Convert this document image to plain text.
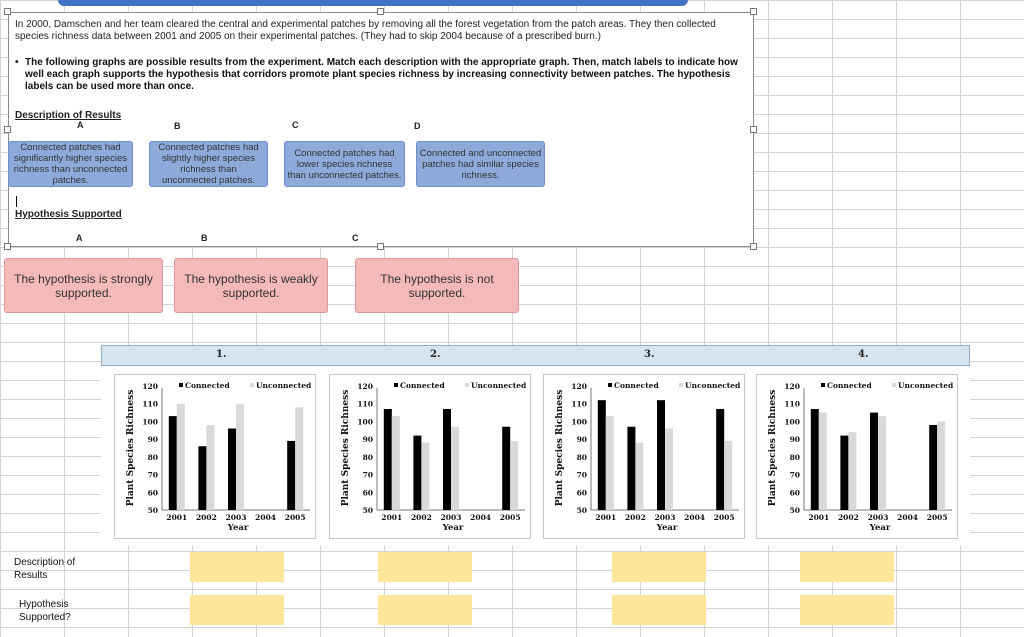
In 2000, Damschen and her team cleared the central and experimental patches by removing all the forest vegetation from the patch areas. They then collected species richness data between 2001 and 2005 on their experimental patches. (They had to skip 2004 because of a prescribed burn.)
• The following graphs are possible results from the experiment. Match each description with the appropriate graph. Then, match labels to indicate how well each graph supports the hypothesis that corridors promote plant species richness by increasing connectivity between patches. The hypothesis labels can be used more than once.
Description of Results
Hypothesis Supported
A	B	C	D
Connected patches had significantly higher species richness than unconnected patches.
Connected patches had slightly higher species richness than unconnected patches.
Connected patches had lower species richness than unconnected patches.
Connected and unconnected patches had similar species richness.
A	B	C
The hypothesis is strongly supported.
The hypothesis is weakly supported.
The hypothesis is not supported.
1.	2.	3.	4.
50
60
70
80
90
100
110
120
Plant Species Richness
Connected	Unconnected
2001 2002 2003 2004 2005
Year
50
60
70
80
90
100
110
120
Plant Species Richness
Connected	Unconnected
2001 2002 2003 2004 2005
Year
50
60
70
80
90
100
110
120
Plant Species Richness
Connected	Unconnected
2001 2002 2003 2004 2005
Year
50
60
70
80
90
100
110
120
Plant Species Richness
Connected	Unconnected
2001 2002 2003 2004 2005
Year
Description of Results
Hypothesis Supported?
